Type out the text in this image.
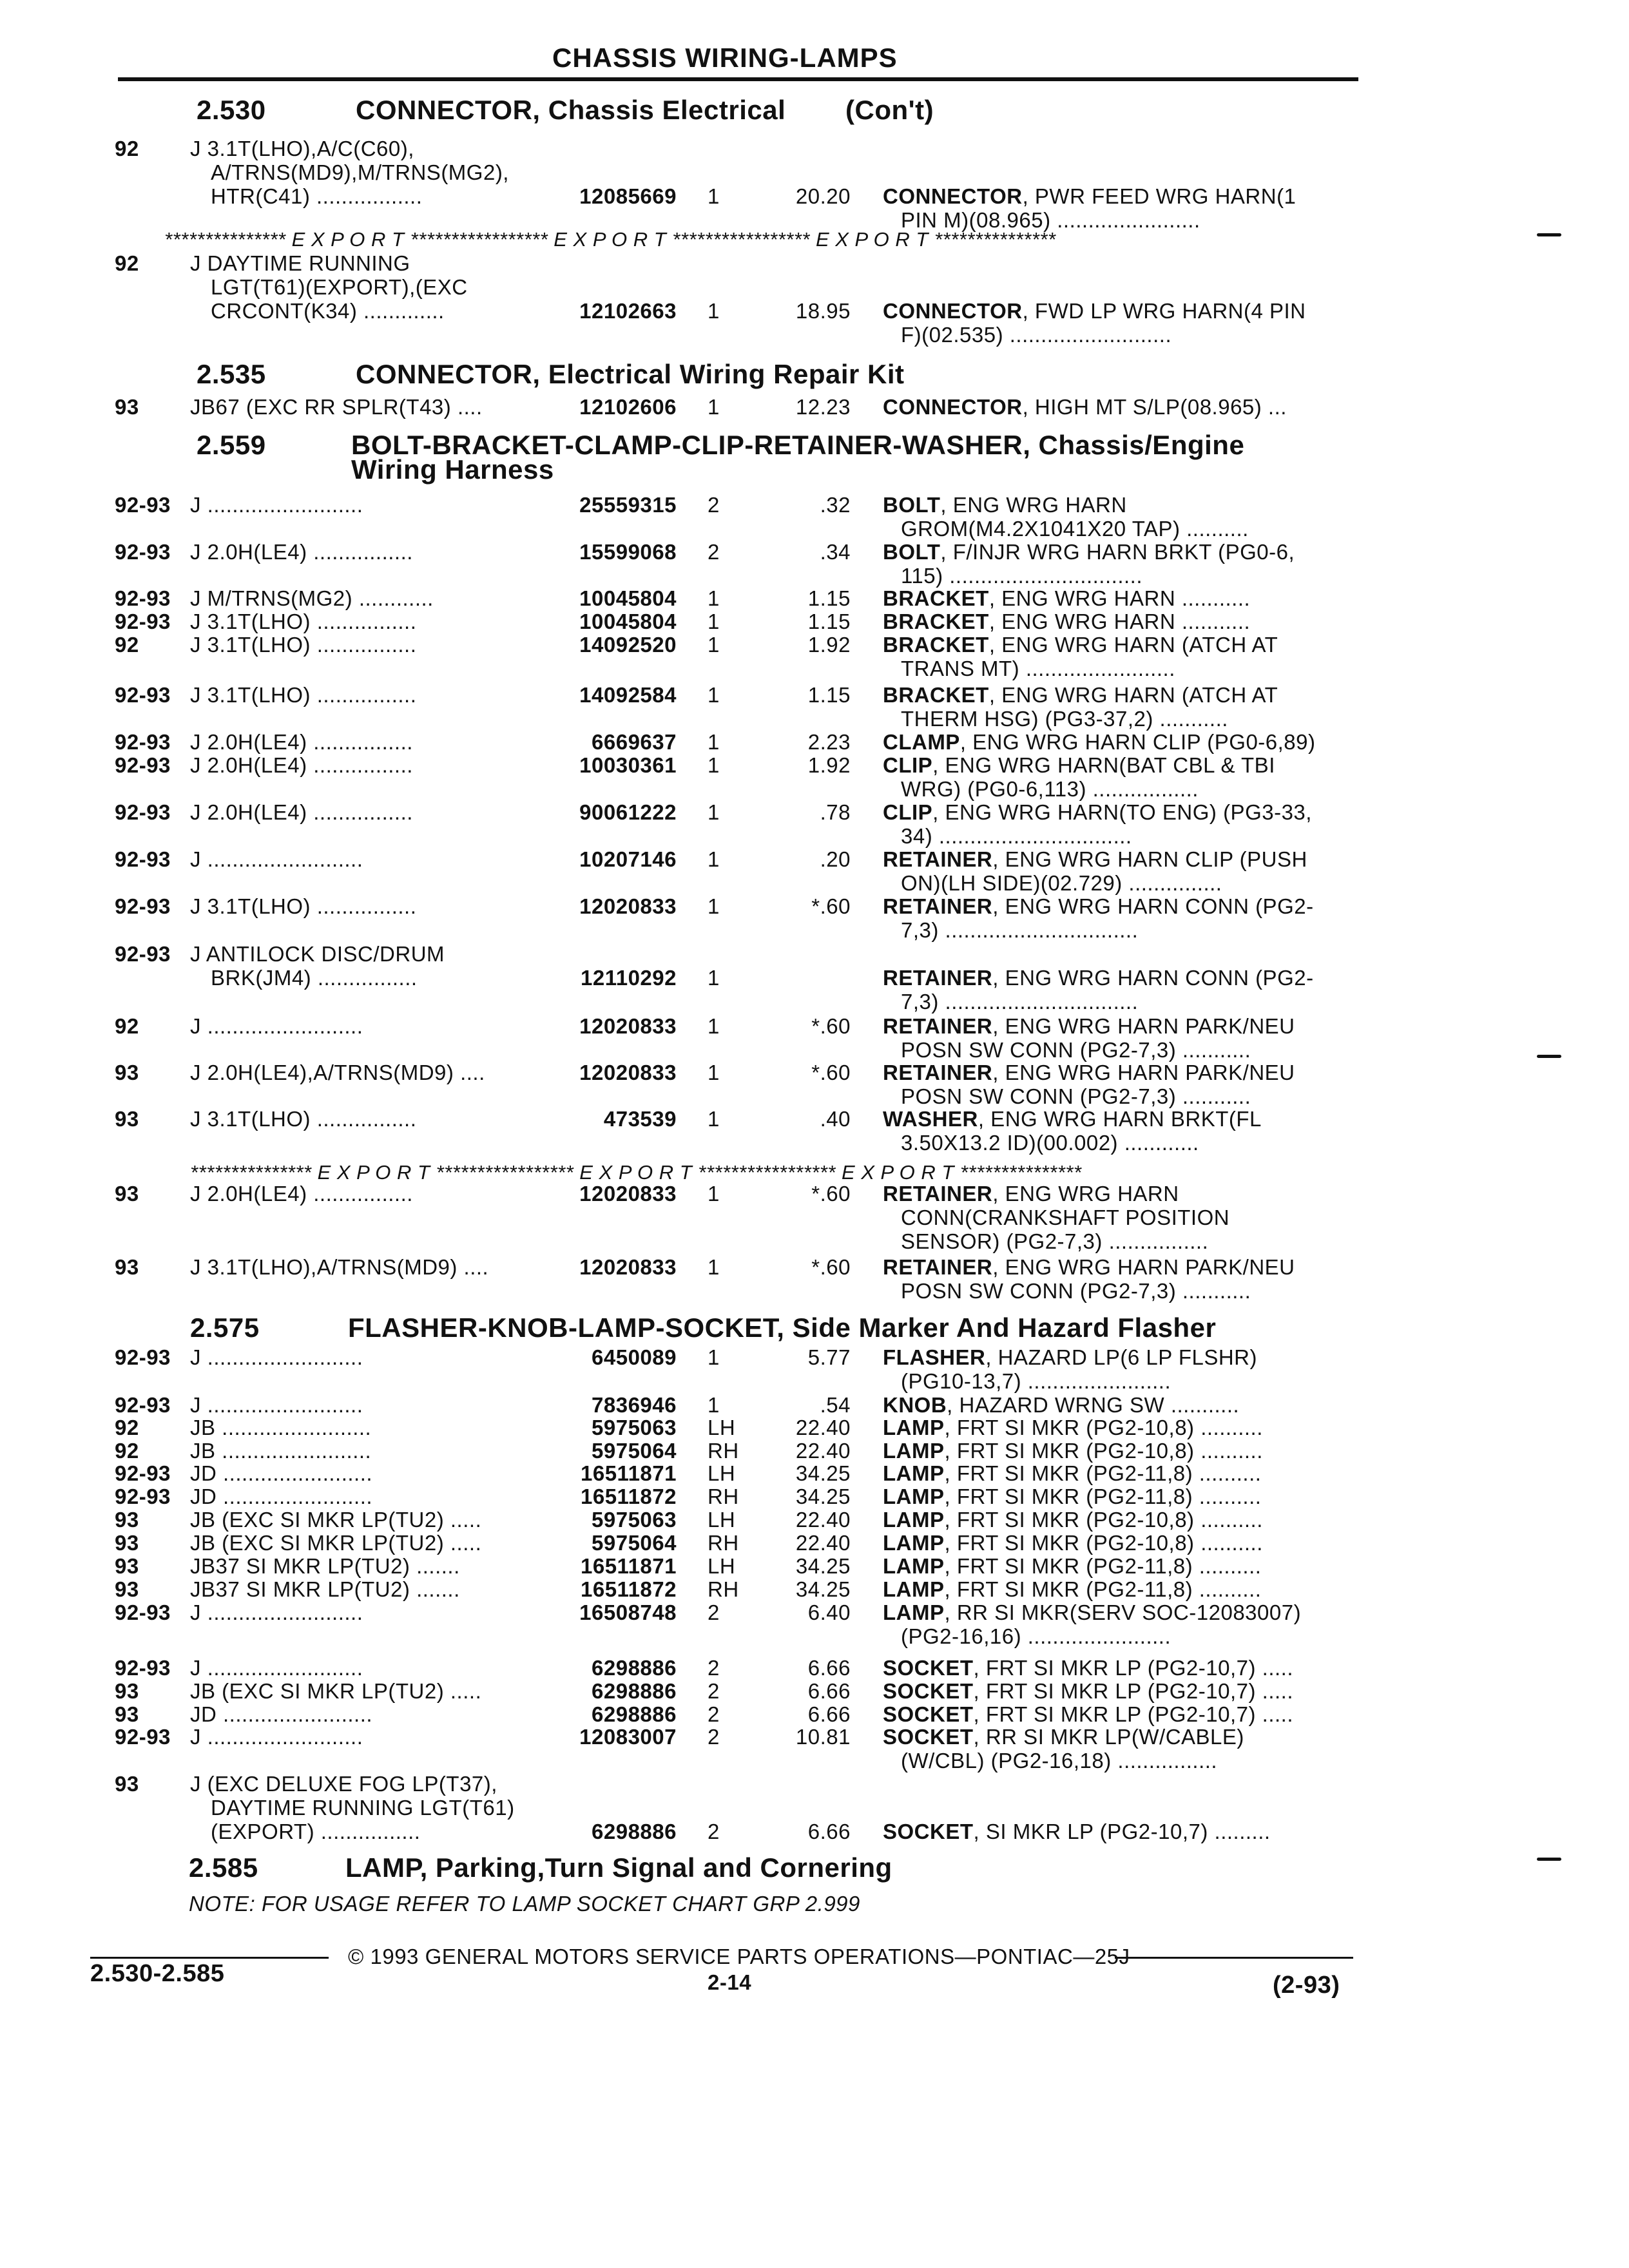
CHASSIS WIRING-LAMPS
2.530	CONNECTOR, Chassis Electrical (Con't)
92 J 3.1T(LHO),A/C(C60),
A/TRNS(MD9),M/TRNS(MG2),
HTR(C41) .................	12085669 1	20.20 CONNECTOR, PWR FEED WRG HARN(1
PIN M)(08.965) .......................
92 J DAYTIME RUNNING
LGT(T61)(EXPORT),(EXC
CRCONT(K34) .............	12102663 1	18.95 CONNECTOR, FWD LP WRG HARN(4 PIN
F)(02.535) ..........................
93 JB67 (EXC RR SPLR(T43) ....	12102606 1	12.23 CONNECTOR, HIGH MT S/LP(08.965) ...
92-93 J .........................	25559315 2	.32 BOLT, ENG WRG HARN
GROM(M4.2X1041X20 TAP) ..........
92-93 J 2.0H(LE4) ................	15599068 2	.34 BOLT, F/INJR WRG HARN BRKT (PG0-6,
115) ...............................
92-93 J M/TRNS(MG2) ............	10045804 1	1.15 BRACKET, ENG WRG HARN ...........
92-93 J 3.1T(LHO) ................	10045804 1	1.15 BRACKET, ENG WRG HARN ...........
92 J 3.1T(LHO) ................	14092520 1	1.92 BRACKET, ENG WRG HARN (ATCH AT
TRANS MT) ........................
92-93 J 3.1T(LHO) ................	14092584 1	1.15 BRACKET, ENG WRG HARN (ATCH AT
THERM HSG) (PG3-37,2) ...........
92-93 J 2.0H(LE4) ................	6669637 1	2.23 CLAMP, ENG WRG HARN CLIP (PG0-6,89)
92-93 J 2.0H(LE4) ................	10030361 1	1.92 CLIP, ENG WRG HARN(BAT CBL & TBI
WRG) (PG0-6,113) .................
92-93 J 2.0H(LE4) ................	90061222 1	.78 CLIP, ENG WRG HARN(TO ENG) (PG3-33,
34) ...............................
92-93 J .........................	10207146 1	.20 RETAINER, ENG WRG HARN CLIP (PUSH
ON)(LH SIDE)(02.729) ...............
92-93 J 3.1T(LHO) ................	12020833 1	*.60 RETAINER, ENG WRG HARN CONN (PG2-
7,3) ...............................
92-93 J ANTILOCK DISC/DRUM
BRK(JM4) ................	12110292 1	RETAINER, ENG WRG HARN CONN (PG2-
7,3) ...............................
92 J .........................	12020833 1	*.60 RETAINER, ENG WRG HARN PARK/NEU
POSN SW CONN (PG2-7,3) ...........
93 J 2.0H(LE4),A/TRNS(MD9) ....	12020833 1	*.60 RETAINER, ENG WRG HARN PARK/NEU
POSN SW CONN (PG2-7,3) ...........
93 J 3.1T(LHO) ................	473539 1	.40 WASHER, ENG WRG HARN BRKT(FL
3.50X13.2 ID)(00.002) ............
93 J 2.0H(LE4) ................	12020833 1	*.60 RETAINER, ENG WRG HARN
CONN(CRANKSHAFT POSITION
SENSOR) (PG2-7,3) ................
93 J 3.1T(LHO),A/TRNS(MD9) ....	12020833 1	*.60 RETAINER, ENG WRG HARN PARK/NEU
POSN SW CONN (PG2-7,3) ...........
92-93 J .........................	6450089 1	5.77 FLASHER, HAZARD LP(6 LP FLSHR)
(PG10-13,7) .......................
92-93 J .........................	7836946 1	.54 KNOB, HAZARD WRNG SW ...........
92 JB ........................	5975063 LH	22.40 LAMP, FRT SI MKR (PG2-10,8) ..........
92 JB ........................	5975064 RH	22.40 LAMP, FRT SI MKR (PG2-10,8) ..........
92-93 JD ........................	16511871 LH	34.25 LAMP, FRT SI MKR (PG2-11,8) ..........
92-93 JD ........................	16511872 RH	34.25 LAMP, FRT SI MKR (PG2-11,8) ..........
93 JB (EXC SI MKR LP(TU2) .....	5975063 LH	22.40 LAMP, FRT SI MKR (PG2-10,8) ..........
93 JB (EXC SI MKR LP(TU2) .....	5975064 RH	22.40 LAMP, FRT SI MKR (PG2-10,8) ..........
93 JB37 SI MKR LP(TU2) .......	16511871 LH	34.25 LAMP, FRT SI MKR (PG2-11,8) ..........
93 JB37 SI MKR LP(TU2) .......	16511872 RH	34.25 LAMP, FRT SI MKR (PG2-11,8) ..........
92-93 J .........................	16508748 2	6.40 LAMP, RR SI MKR(SERV SOC-12083007)
(PG2-16,16) .......................
92-93 J .........................	6298886 2	6.66 SOCKET, FRT SI MKR LP (PG2-10,7) .....
93 JB (EXC SI MKR LP(TU2) .....	6298886 2	6.66 SOCKET, FRT SI MKR LP (PG2-10,7) .....
93 JD ........................	6298886 2	6.66 SOCKET, FRT SI MKR LP (PG2-10,7) .....
92-93 J .........................	12083007 2	10.81 SOCKET, RR SI MKR LP(W/CABLE)
(W/CBL) (PG2-16,18) ................
93 J (EXC DELUXE FOG LP(T37),
DAYTIME RUNNING LGT(T61)
(EXPORT) ................	6298886 2	6.66 SOCKET, SI MKR LP (PG2-10,7) .........
*************** E X P O R T ***************** E X P O R T ***************** E X P O R T ***************
*************** E X P O R T ***************** E X P O R T ***************** E X P O R T ***************
2.535	CONNECTOR, Electrical Wiring Repair Kit
2.559	BOLT-BRACKET-CLAMP-CLIP-RETAINER-WASHER, Chassis/Engine
Wiring Harness
2.575	FLASHER-KNOB-LAMP-SOCKET, Side Marker And Hazard Flasher
2.585	LAMP, Parking,Turn Signal and Cornering
NOTE: FOR USAGE REFER TO LAMP SOCKET CHART GRP 2.999
© 1993 GENERAL MOTORS SERVICE PARTS OPERATIONS—PONTIAC—25J
2.530-2.585	2-14	(2-93)
